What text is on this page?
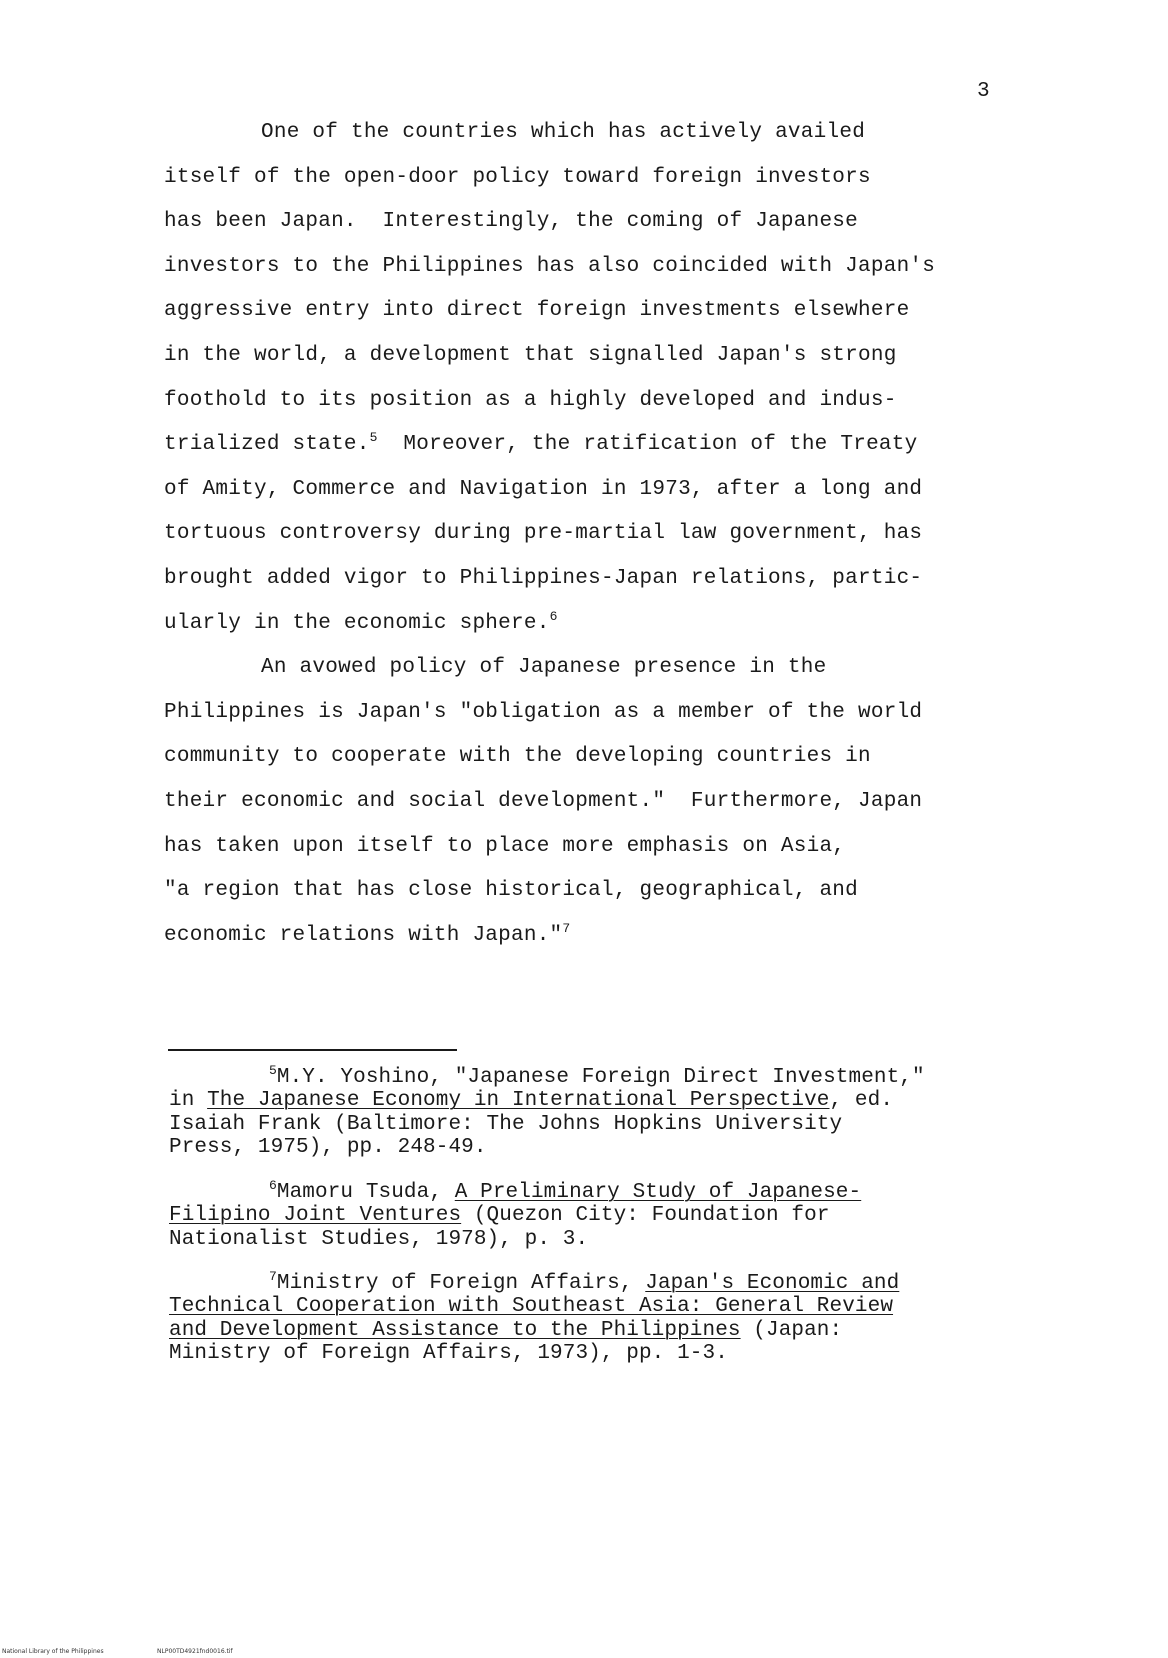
3
One of the countries which has actively availed
itself of the open-door policy toward foreign investors
has been Japan.  Interestingly, the coming of Japanese
investors to the Philippines has also coincided with Japan's
aggressive entry into direct foreign investments elsewhere
in the world, a development that signalled Japan's strong
foothold to its position as a highly developed and indus-
trialized state.$^5$  Moreover, the ratification of the Treaty
of Amity, Commerce and Navigation in 1973, after a long and
tortuous controversy during pre-martial law government, has
brought added vigor to Philippines-Japan relations, partic-
ularly in the economic sphere.$^6$
An avowed policy of Japanese presence in the
Philippines is Japan's "obligation as a member of the world
community to cooperate with the developing countries in
their economic and social development."  Furthermore, Japan
has taken upon itself to place more emphasis on Asia,
"a region that has close historical, geographical, and
economic relations with Japan."$^7$
$^5$M.Y. Yoshino, "Japanese Foreign Direct Investment,"
in The Japanese Economy in International Perspective, ed.
Isaiah Frank (Baltimore: The Johns Hopkins University
Press, 1975), pp. 248-49.
$^6$Mamoru Tsuda, A Preliminary Study of Japanese-
Filipino Joint Ventures (Quezon City: Foundation for
Nationalist Studies, 1978), p. 3.
$^7$Ministry of Foreign Affairs, Japan's Economic and
Technical Cooperation with Southeast Asia: General Review
and Development Assistance to the Philippines (Japan:
Ministry of Foreign Affairs, 1973), pp. 1-3.
National Library of the Philippines	NLP00TD4921fnd0016.tif
